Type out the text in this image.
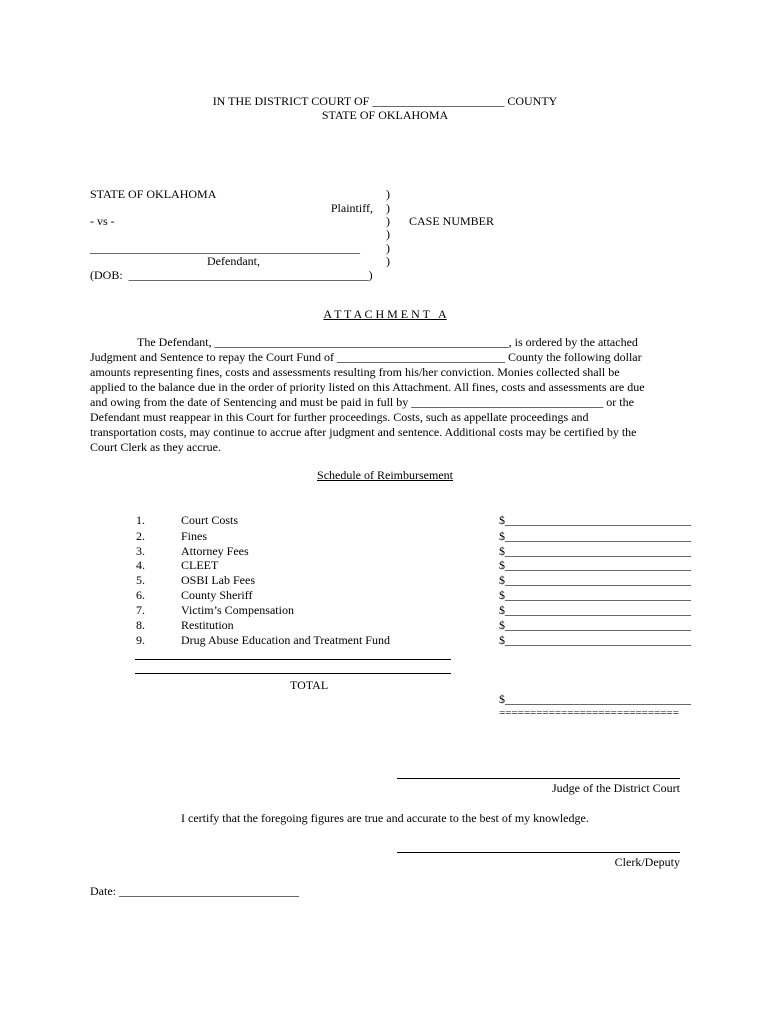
IN THE DISTRICT COURT OF ______________________ COUNTY
STATE OF OKLAHOMA
STATE OF OKLAHOMA
Plaintiff,
- vs -
_____________________________________________
Defendant,
(DOB:  ________________________________________)
)
)
)
)
)
)
CASE NUMBER
A T T A C H M E N T   A
The Defendant, _________________________________________________, is ordered by the attached
Judgment and Sentence to repay the Court Fund of ____________________________ County the following dollar
amounts representing fines, costs and assessments resulting from his/her conviction. Monies collected shall be
applied to the balance due in the order of priority listed on this Attachment. All fines, costs and assessments are due
and owing from the date of Sentencing and must be paid in full by ________________________________ or the
Defendant must reappear in this Court for further proceedings. Costs, such as appellate proceedings and
transportation costs, may continue to accrue after judgment and sentence. Additional costs may be certified by the
Court Clerk as they accrue.
Schedule of Reimbursement
1.	Court Costs	$_______________________________
2.	Fines	$_______________________________
3.	Attorney Fees	$_______________________________
4.	CLEET	$_______________________________
5.	OSBI Lab Fees	$_______________________________
6.	County Sheriff	$_______________________________
7.	Victim’s Compensation	$_______________________________
8.	Restitution	$_______________________________
9.	Drug Abuse Education and Treatment Fund	$_______________________________
TOTAL
$_______________________________
=============================
Judge of the District Court
I certify that the foregoing figures are true and accurate to the best of my knowledge.
Clerk/Deputy
Date: ______________________________
